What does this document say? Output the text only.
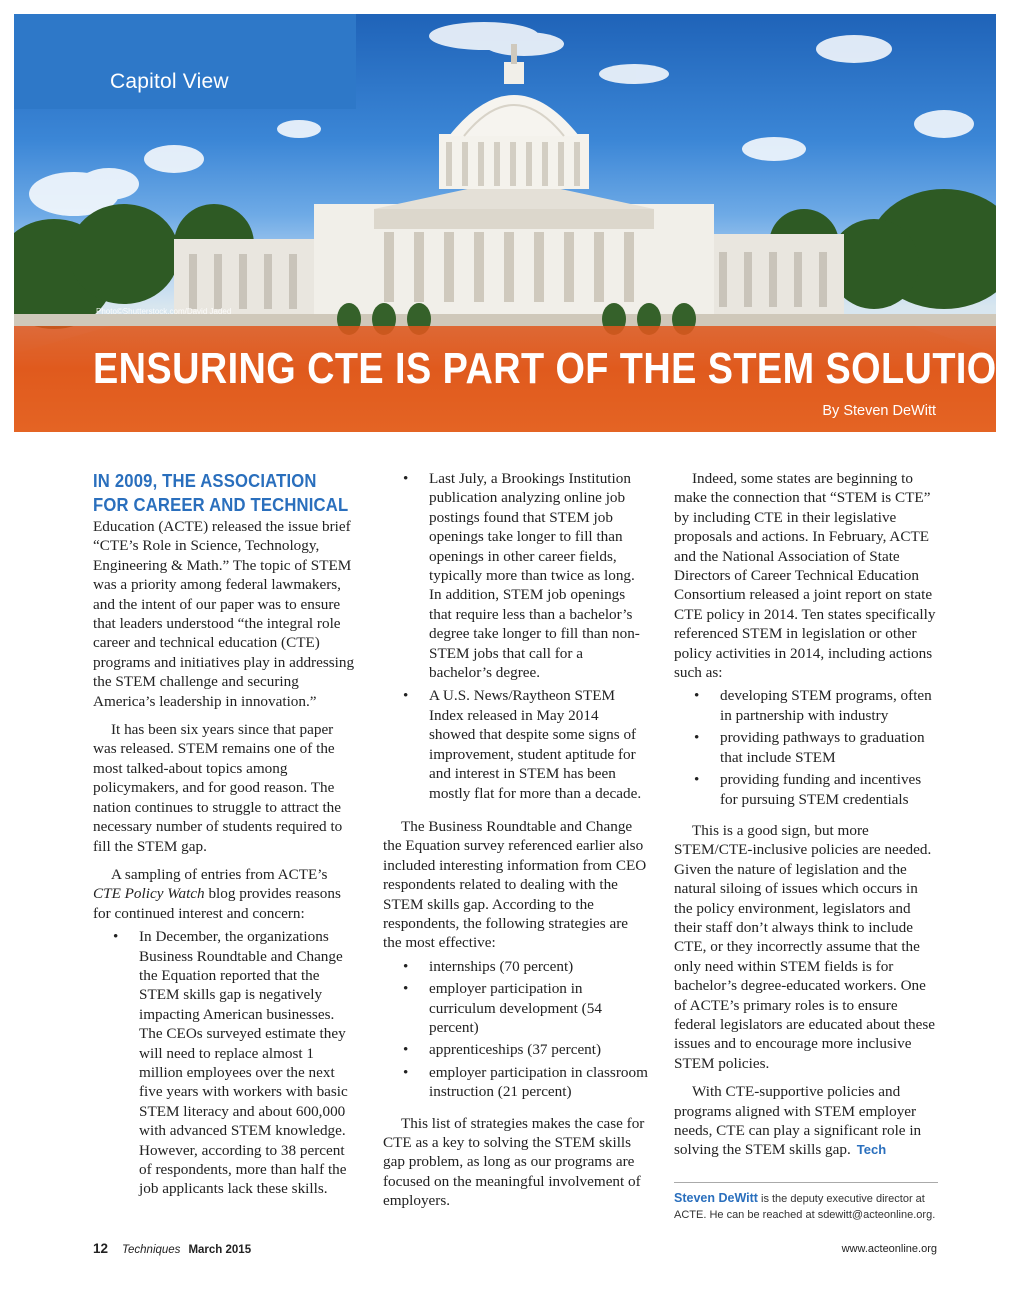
Capitol View
Photo©Shutterstock.com/David Jaded
ENSURING CTE IS PART OF THE STEM SOLUTION
By Steven DeWitt
IN 2009, THE ASSOCIATION FOR CAREER AND TECHNICAL

Education (ACTE) released the issue brief “CTE’s Role in Science, Technology, Engineering & Math.” The topic of STEM was a priority among federal lawmakers, and the intent of our paper was to ensure that leaders understood “the integral role career and technical education (CTE) programs and initiatives play in addressing the STEM challenge and securing America’s leadership in innovation.”

It has been six years since that paper was released. STEM remains one of the most talked-about topics among policymakers, and for good reason. The nation continues to struggle to attract the necessary number of students required to fill the STEM gap.

A sampling of entries from ACTE’s CTE Policy Watch blog provides reasons for continued interest and concern:

• In December, the organizations Business Roundtable and Change the Equation reported that the STEM skills gap is negatively impacting American businesses. The CEOs surveyed estimate they will need to replace almost 1 million employees over the next five years with workers with basic STEM literacy and about 600,000 with advanced STEM knowledge. However, according to 38 percent of respondents, more than half the job applicants lack these skills.
• Last July, a Brookings Institution publication analyzing online job postings found that STEM job openings take longer to fill than openings in other career fields, typically more than twice as long. In addition, STEM job openings that require less than a bachelor’s degree take longer to fill than non-STEM jobs that call for a bachelor’s degree.
• A U.S. News/Raytheon STEM Index released in May 2014 showed that despite some signs of improvement, student aptitude for and interest in STEM has been mostly flat for more than a decade.

The Business Roundtable and Change the Equation survey referenced earlier also included interesting information from CEO respondents related to dealing with the STEM skills gap. According to the respondents, the following strategies are the most effective:

• internships (70 percent)
• employer participation in curriculum development (54 percent)
• apprenticeships (37 percent)
• employer participation in classroom instruction (21 percent)

This list of strategies makes the case for CTE as a key to solving the STEM skills gap problem, as long as our programs are focused on the meaningful involvement of employers.

Indeed, some states are beginning to make the connection that “STEM is CTE” by including CTE in their legislative proposals and actions. In February, ACTE and the National Association of State Directors of Career Technical Education Consortium released a joint report on state CTE policy in 2014. Ten states specifically referenced STEM in legislation or other policy activities in 2014, including actions such as:

• developing STEM programs, often in partnership with industry
• providing pathways to graduation that include STEM
• providing funding and incentives for pursuing STEM credentials

This is a good sign, but more STEM/CTE-inclusive policies are needed. Given the nature of legislation and the natural siloing of issues which occurs in the policy environment, legislators and their staff don’t always think to include CTE, or they incorrectly assume that the only need within STEM fields is for bachelor’s degree-educated workers. One of ACTE’s primary roles is to ensure federal legislators are educated about these issues and to encourage more inclusive STEM policies.

With CTE-supportive policies and programs aligned with STEM employer needs, CTE can play a significant role in solving the STEM skills gap. Tech

Steven DeWitt is the deputy executive director at ACTE. He can be reached at sdewitt@acteonline.org.
12 Techniques March 2015	www.acteonline.org
